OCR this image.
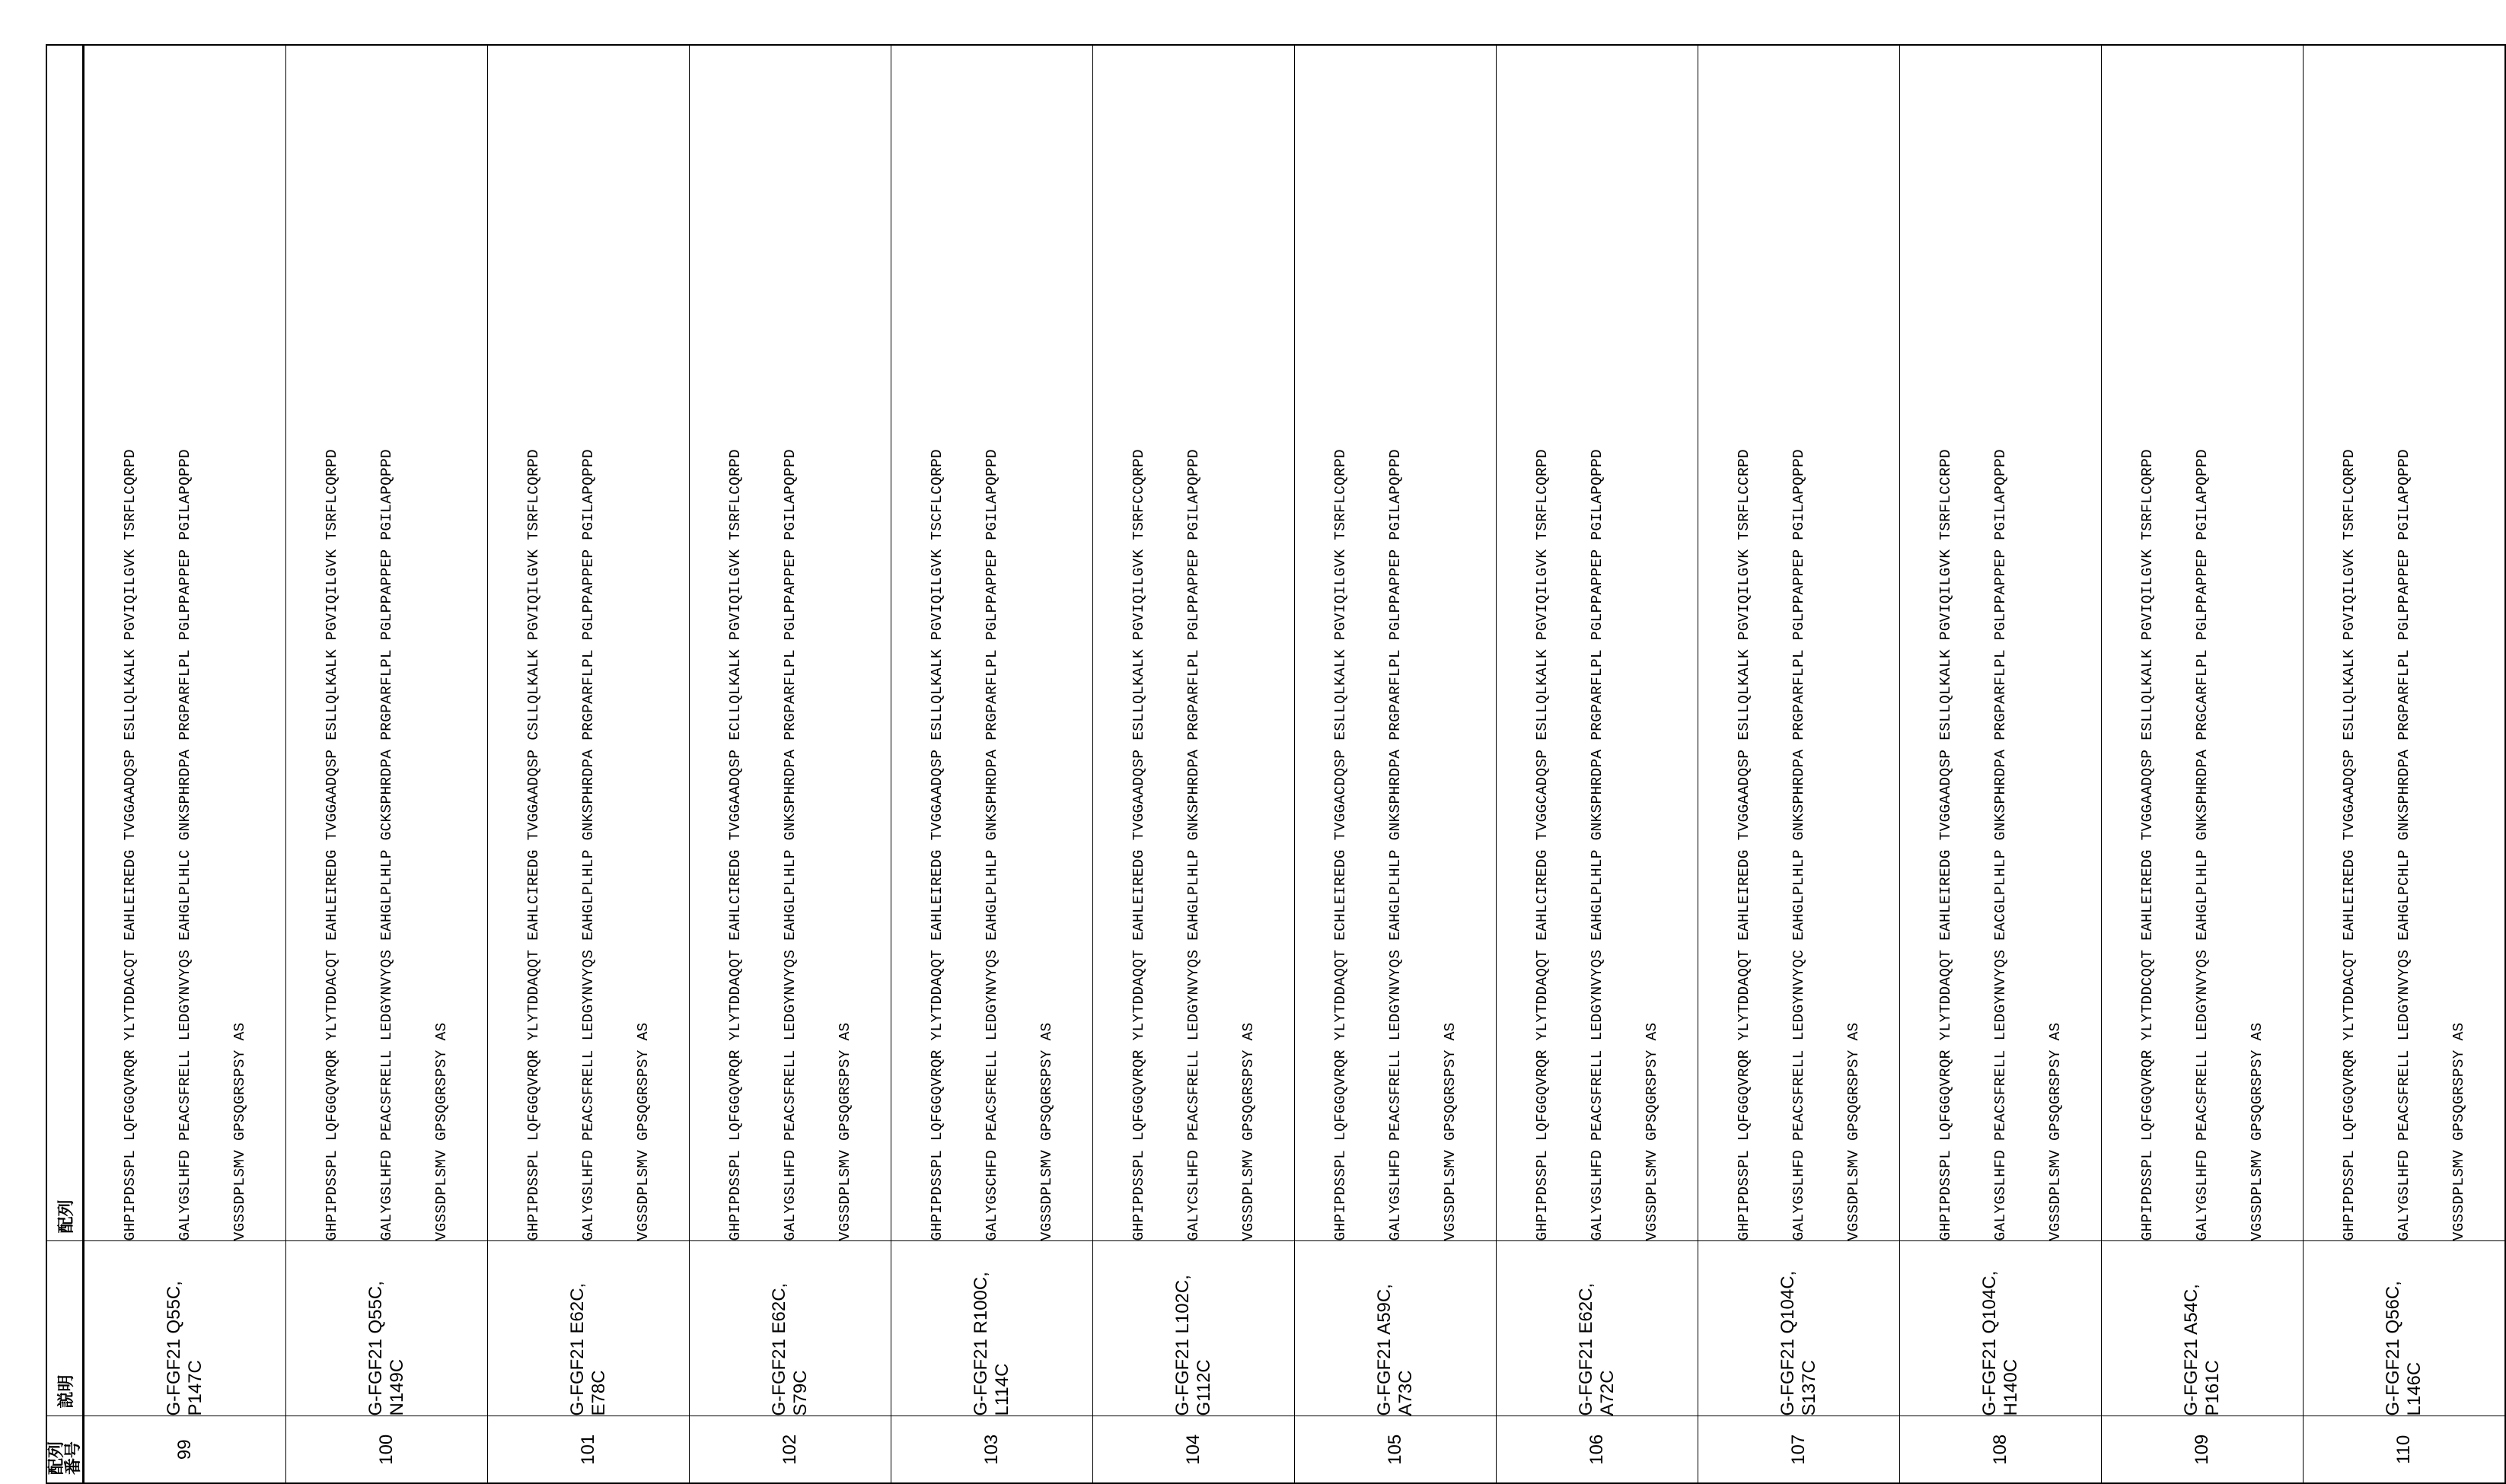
配列
番号	説明	配列
99	G-FGF21 Q55C,
P147C	GHPIPDSSPL LQFGGQVRQR YLYTDDACQT EAHLEIREDG TVGGAADQSP ESLLQLKALK PGVIQILGVK TSRFLCQRPD

GALYGSLHFD PEACSFRELL LEDGYNVYQS EAHGLPLHLC GNKSPHRDPA PRGPARFLPL PGLPPAPPEP PGILAPQPPD

VGSSDPLSMV GPSQGRSPSY AS

100	G-FGF21 Q55C,
N149C	GHPIPDSSPL LQFGGQVRQR YLYTDDACQT EAHLEIREDG TVGGAADQSP ESLLQLKALK PGVIQILGVK TSRFLCQRPD

GALYGSLHFD PEACSFRELL LEDGYNVYQS EAHGLPLHLP GCKSPHRDPA PRGPARFLPL PGLPPAPPEP PGILAPQPPD

VGSSDPLSMV GPSQGRSPSY AS

101	G-FGF21 E62C,
E78C	GHPIPDSSPL LQFGGQVRQR YLYTDDAQQT EAHLCIREDG TVGGAADQSP CSLLQLKALK PGVIQILGVK TSRFLCQRPD

GALYGSLHFD PEACSFRELL LEDGYNVYQS EAHGLPLHLP GNKSPHRDPA PRGPARFLPL PGLPPAPPEP PGILAPQPPD

VGSSDPLSMV GPSQGRSPSY AS

102	G-FGF21 E62C,
S79C	GHPIPDSSPL LQFGGQVRQR YLYTDDAQQT EAHLCIREDG TVGGAADQSP ECLLQLKALK PGVIQILGVK TSRFLCQRPD

GALYGSLHFD PEACSFRELL LEDGYNVYQS EAHGLPLHLP GNKSPHRDPA PRGPARFLPL PGLPPAPPEP PGILAPQPPD

VGSSDPLSMV GPSQGRSPSY AS

103	G-FGF21 R100C,
L114C	GHPIPDSSPL LQFGGQVRQR YLYTDDAQQT EAHLEIREDG TVGGAADQSP ESLLQLKALK PGVIQILGVK TSCFLCQRPD

GALYGSCHFD PEACSFRELL LEDGYNVYQS EAHGLPLHLP GNKSPHRDPA PRGPARFLPL PGLPPAPPEP PGILAPQPPD

VGSSDPLSMV GPSQGRSPSY AS

104	G-FGF21 L102C,
G112C	GHPIPDSSPL LQFGGQVRQR YLYTDDAQQT EAHLEIREDG TVGGAADQSP ESLLQLKALK PGVIQILGVK TSRFCCQRPD

GALYCSLHFD PEACSFRELL LEDGYNVYQS EAHGLPLHLP GNKSPHRDPA PRGPARFLPL PGLPPAPPEP PGILAPQPPD

VGSSDPLSMV GPSQGRSPSY AS

105	G-FGF21 A59C,
A73C	GHPIPDSSPL LQFGGQVRQR YLYTDDAQQT ECHLEIREDG TVGGACDQSP ESLLQLKALK PGVIQILGVK TSRFLCQRPD

GALYGSLHFD PEACSFRELL LEDGYNVYQS EAHGLPLHLP GNKSPHRDPA PRGPARFLPL PGLPPAPPEP PGILAPQPPD

VGSSDPLSMV GPSQGRSPSY AS

106	G-FGF21 E62C,
A72C	GHPIPDSSPL LQFGGQVRQR YLYTDDAQQT EAHLCIREDG TVGGCADQSP ESLLQLKALK PGVIQILGVK TSRFLCQRPD

GALYGSLHFD PEACSFRELL LEDGYNVYQS EAHGLPLHLP GNKSPHRDPA PRGPARFLPL PGLPPAPPEP PGILAPQPPD

VGSSDPLSMV GPSQGRSPSY AS

107	G-FGF21 Q104C,
S137C	GHPIPDSSPL LQFGGQVRQR YLYTDDAQQT EAHLEIREDG TVGGAADQSP ESLLQLKALK PGVIQILGVK TSRFLCCRPD

GALYGSLHFD PEACSFRELL LEDGYNVYQC EAHGLPLHLP GNKSPHRDPA PRGPARFLPL PGLPPAPPEP PGILAPQPPD

VGSSDPLSMV GPSQGRSPSY AS

108	G-FGF21 Q104C,
H140C	GHPIPDSSPL LQFGGQVRQR YLYTDDAQQT EAHLEIREDG TVGGAADQSP ESLLQLKALK PGVIQILGVK TSRFLCCRPD

GALYGSLHFD PEACSFRELL LEDGYNVYQS EACGLPLHLP GNKSPHRDPA PRGPARFLPL PGLPPAPPEP PGILAPQPPD

VGSSDPLSMV GPSQGRSPSY AS

109	G-FGF21 A54C,
P161C	GHPIPDSSPL LQFGGQVRQR YLYTDDCQQT EAHLEIREDG TVGGAADQSP ESLLQLKALK PGVIQILGVK TSRFLCQRPD

GALYGSLHFD PEACSFRELL LEDGYNVYQS EAHGLPLHLP GNKSPHRDPA PRGCARFLPL PGLPPAPPEP PGILAPQPPD

VGSSDPLSMV GPSQGRSPSY AS

110	G-FGF21 Q56C,
L146C	GHPIPDSSPL LQFGGQVRQR YLYTDDACQT EAHLEIREDG TVGGAADQSP ESLLQLKALK PGVIQILGVK TSRFLCQRPD

GALYGSLHFD PEACSFRELL LEDGYNVYQS EAHGLPCHLP GNKSPHRDPA PRGPARFLPL PGLPPAPPEP PGILAPQPPD

VGSSDPLSMV GPSQGRSPSY AS
